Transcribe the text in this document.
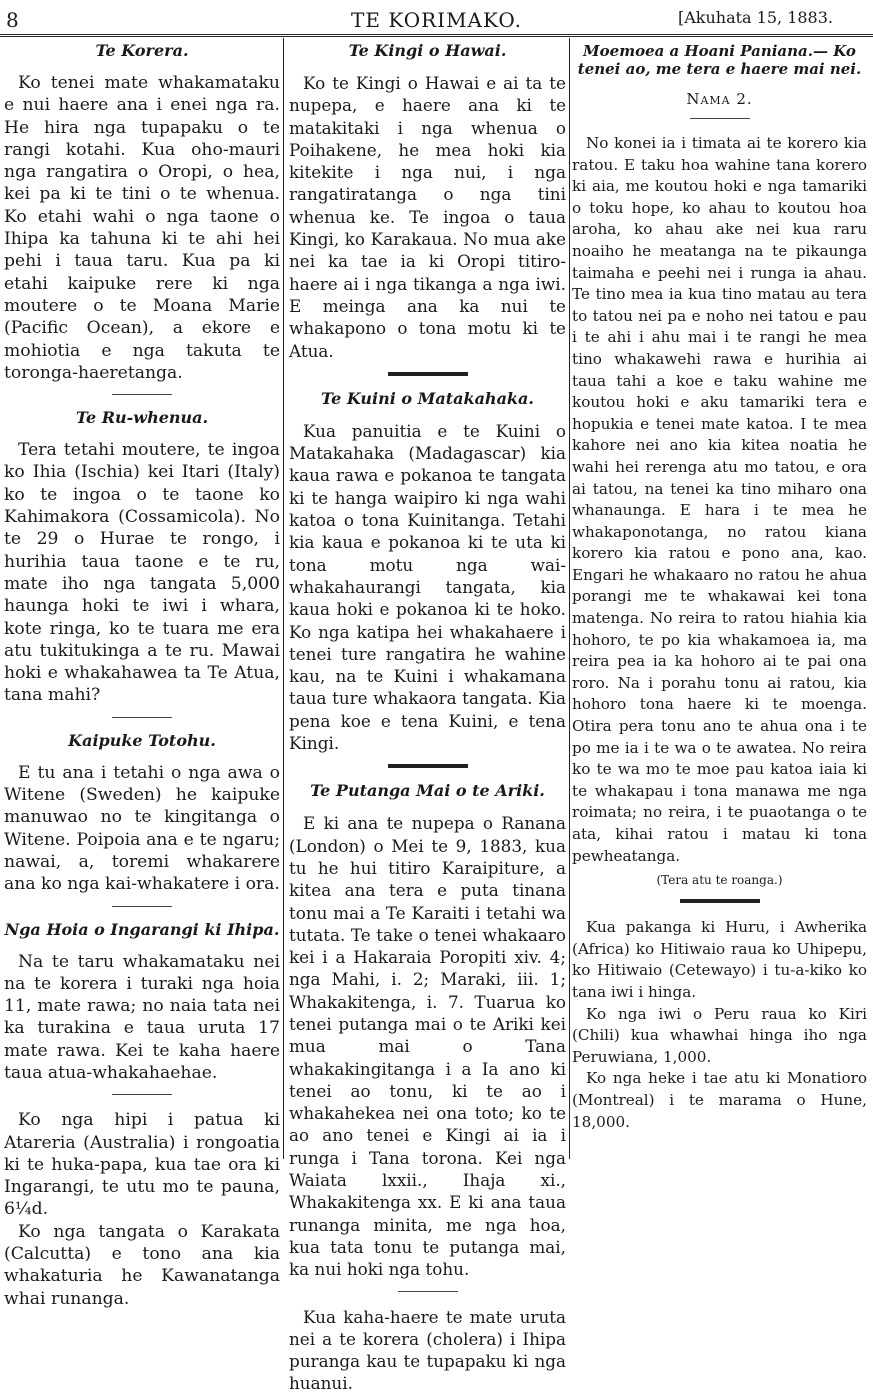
8	TE KORIMAKO.	[Akuhata 15, 1883.
Te Korera.

Ko tenei mate whakamataku e nui haere ana i enei nga ra. He hira nga tupapaku o te rangi kotahi. Kua oho-mauri nga rangatira o Oropi, o hea, kei pa ki te tini o te whenua. Ko etahi wahi o nga taone o Ihipa ka tahuna ki te ahi hei pehi i taua taru. Kua pa ki etahi kaipuke rere ki nga moutere o te Moana Marie (Pacific Ocean), a ekore e mohiotia e nga takuta te toronga-haeretanga.

Te Ru-whenua.

Tera tetahi moutere, te ingoa ko Ihia (Ischia) kei Itari (Italy) ko te ingoa o te taone ko Kahimakora (Cossamicola). No te 29 o Hurae te rongo, i hurihia taua taone e te ru, mate iho nga tangata 5,000 haunga hoki te iwi i whara, kote ringa, ko te tuara me era atu tukitukinga a te ru. Mawai hoki e whakahawea ta Te Atua, tana mahi?

Kaipuke Totohu.

E tu ana i tetahi o nga awa o Witene (Sweden) he kaipuke manuwao no te kingitanga o Witene. Poipoia ana e te ngaru; nawai, a, toremi whakarere ana ko nga kai-whakatere i ora.

Nga Hoia o Ingarangi ki Ihipa.

Na te taru whakamataku nei na te korera i turaki nga hoia 11, mate rawa; no naia tata nei ka turakina e taua uruta 17 mate rawa. Kei te kaha haere taua atua-whakahaehae.

Ko nga hipi i patua ki Atareria (Australia) i rongoatia ki te huka-papa, kua tae ora ki Ingarangi, te utu mo te pauna, 6¼d.

Ko nga tangata o Karakata (Calcutta) e tono ana kia whakaturia he Kawanatanga whai runanga.

Te Kingi o Hawai.

Ko te Kingi o Hawai e ai ta te nupepa, e haere ana ki te matakitaki i nga whenua o Poihakene, he mea hoki kia kitekite i nga nui, i nga rangatiratanga o nga tini whenua ke. Te ingoa o taua Kingi, ko Karakaua. No mua ake nei ka tae ia ki Oropi titiro-haere ai i nga tikanga a nga iwi. E meinga ana ka nui te whakapono o tona motu ki te Atua.

Te Kuini o Matakahaka.

Kua panuitia e te Kuini o Matakahaka (Madagascar) kia kaua rawa e pokanoa te tangata ki te hanga waipiro ki nga wahi katoa o tona Kuinitanga. Tetahi kia kaua e pokanoa ki te uta ki tona motu nga wai-whakahaurangi tangata, kia kaua hoki e pokanoa ki te hoko. Ko nga katipa hei whakahaere i tenei ture rangatira he wahine kau, na te Kuini i whakamana taua ture whakaora tangata. Kia pena koe e tena Kuini, e tena Kingi.

Te Putanga Mai o te Ariki.

E ki ana te nupepa o Ranana (London) o Mei te 9, 1883, kua tu he hui titiro Karaipiture, a kitea ana tera e puta tinana tonu mai a Te Karaiti i tetahi wa tutata. Te take o tenei whakaaro kei i a Hakaraia Poropiti xiv. 4; nga Mahi, i. 2; Maraki, iii. 1; Whakakitenga, i. 7. Tuarua ko tenei putanga mai o te Ariki kei mua mai o Tana whakakingitanga i a Ia ano ki tenei ao tonu, ki te ao i whakahekea nei ona toto; ko te ao ano tenei e Kingi ai ia i runga i Tana torona. Kei nga Waiata lxxii., Ihaja xi., Whakakitenga xx. E ki ana taua runanga minita, me nga hoa, kua tata tonu te putanga mai, ka nui hoki nga tohu.

Kua kaha-haere te mate uruta nei a te korera (cholera) i Ihipa puranga kau te tupapaku ki nga huanui.

Moemoea a Hoani Paniana.— Ko tenei ao, me tera e haere mai nei.
Nama 2.

No konei ia i timata ai te korero kia ratou. E taku hoa wahine tana korero ki aia, me koutou hoki e nga tamariki o toku hope, ko ahau to koutou hoa aroha, ko ahau ake nei kua raru noaiho he meatanga na te pikaunga taimaha e peehi nei i runga ia ahau. Te tino mea ia kua tino matau au tera to tatou nei pa e noho nei tatou e pau i te ahi i ahu mai i te rangi he mea tino whakawehi rawa e hurihia ai taua tahi a koe e taku wahine me koutou hoki e aku tamariki tera e hopukia e tenei mate katoa. I te mea kahore nei ano kia kitea noatia he wahi hei rerenga atu mo tatou, e ora ai tatou, na tenei ka tino miharo ona whanaunga. E hara i te mea he whakaponotanga, no ratou kiana korero kia ratou e pono ana, kao. Engari he whakaaro no ratou he ahua porangi me te whakawai kei tona matenga. No reira to ratou hiahia kia hohoro, te po kia whakamoea ia, ma reira pea ia ka hohoro ai te pai ona roro. Na i porahu tonu ai ratou, kia hohoro tona haere ki te moenga. Otira pera tonu ano te ahua ona i te po me ia i te wa o te awatea. No reira ko te wa mo te moe pau katoa iaia ki te whakapau i tona manawa me nga roimata; no reira, i te puaotanga o te ata, kihai ratou i matau ki tona pewheatanga.

(Tera atu te roanga.)

Kua pakanga ki Huru, i Awherika (Africa) ko Hitiwaio raua ko Uhipepu, ko Hitiwaio (Cetewayo) i tu-a-kiko ko tana iwi i hinga.

Ko nga iwi o Peru raua ko Kiri (Chili) kua whawhai hinga iho nga Peruwiana, 1,000.

Ko nga heke i tae atu ki Monatioro (Montreal) i te marama o Hune, 18,000.
